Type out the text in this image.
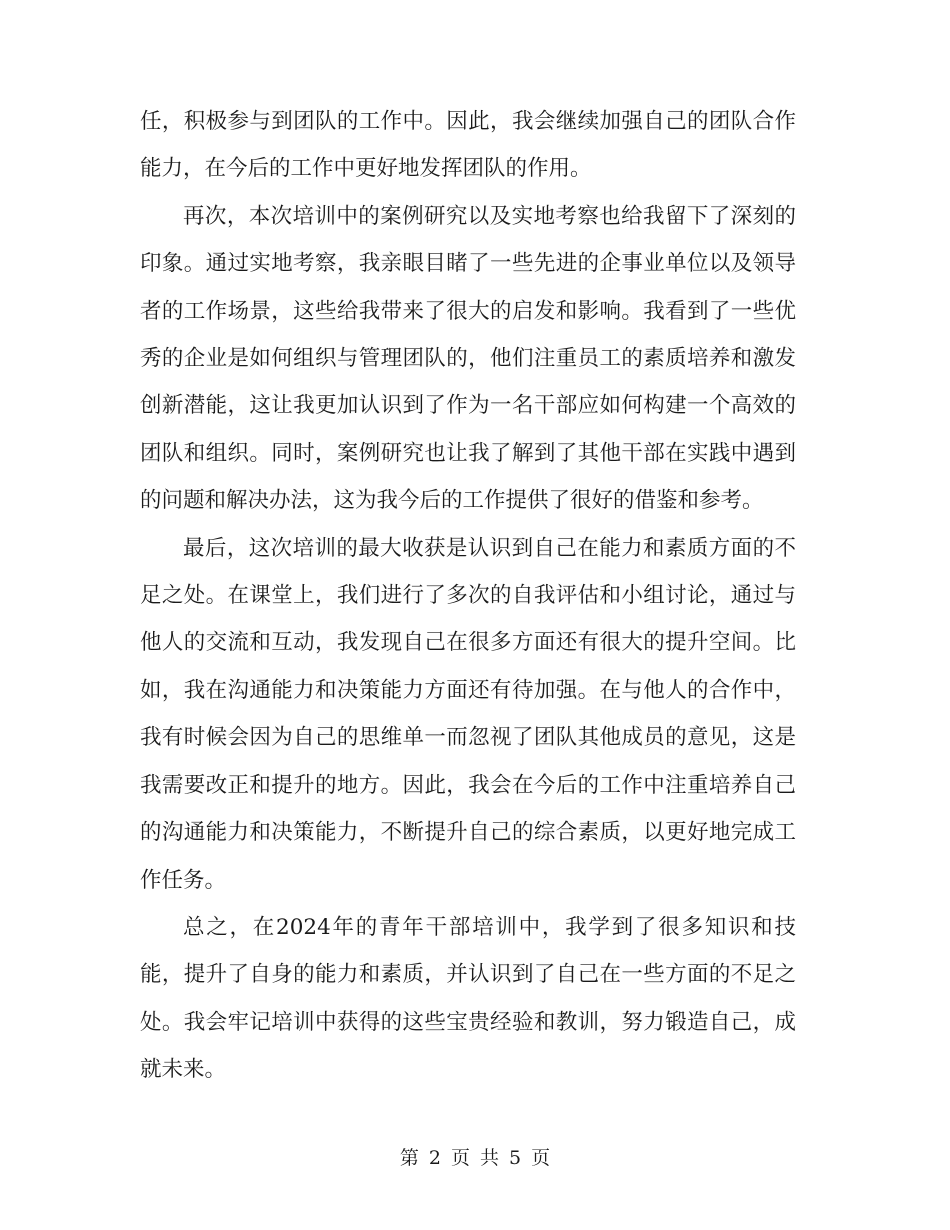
任，积极参与到团队的工作中。因此，我会继续加强自己的团队合作能力，在今后的工作中更好地发挥团队的作用。

再次，本次培训中的案例研究以及实地考察也给我留下了深刻的印象。通过实地考察，我亲眼目睹了一些先进的企事业单位以及领导者的工作场景，这些给我带来了很大的启发和影响。我看到了一些优秀的企业是如何组织与管理团队的，他们注重员工的素质培养和激发创新潜能，这让我更加认识到了作为一名干部应如何构建一个高效的团队和组织。同时，案例研究也让我了解到了其他干部在实践中遇到的问题和解决办法，这为我今后的工作提供了很好的借鉴和参考。

最后，这次培训的最大收获是认识到自己在能力和素质方面的不足之处。在课堂上，我们进行了多次的自我评估和小组讨论，通过与他人的交流和互动，我发现自己在很多方面还有很大的提升空间。比如，我在沟通能力和决策能力方面还有待加强。在与他人的合作中，我有时候会因为自己的思维单一而忽视了团队其他成员的意见，这是我需要改正和提升的地方。因此，我会在今后的工作中注重培养自己的沟通能力和决策能力，不断提升自己的综合素质，以更好地完成工作任务。

总之，在2024年的青年干部培训中，我学到了很多知识和技能，提升了自身的能力和素质，并认识到了自己在一些方面的不足之处。我会牢记培训中获得的这些宝贵经验和教训，努力锻造自己，成就未来。

第 2 页 共 5 页
